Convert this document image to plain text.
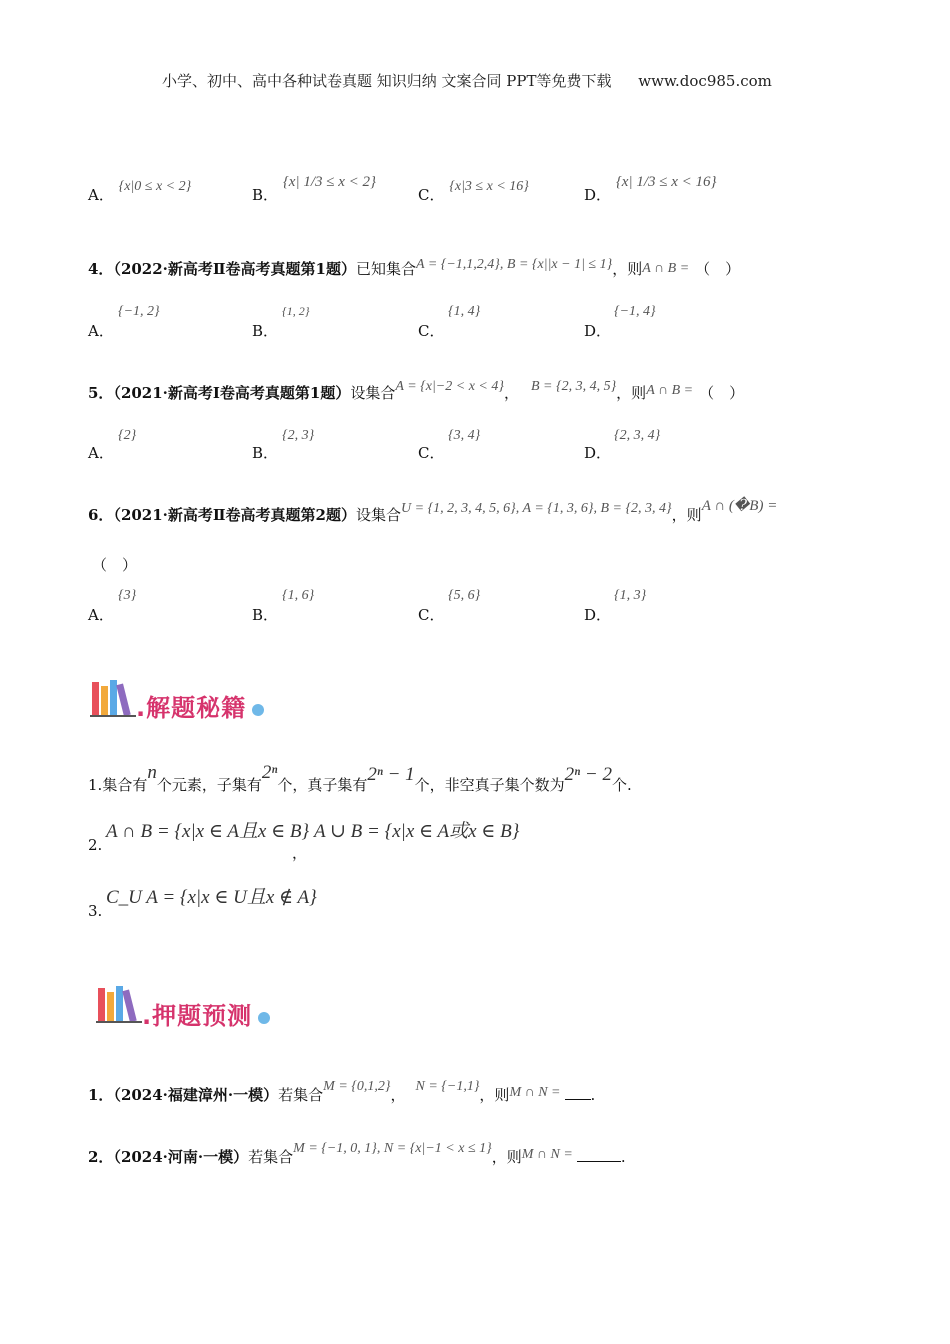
小学、初中、高中各种试卷真题 知识归纳 文案合同 PPT等免费下载 www.doc985.com
A． {x|0 ≤ x < 2}	B． {x| 1/3 ≤ x < 2}
C． {x|3 ≤ x < 16}	D． {x| 1/3 ≤ x < 16}
4．（2022·新高考Ⅱ卷高考真题第1题）已知集合A = {−1,1,2,4}, B = {x||x − 1| ≤ 1}，则A ∩ B = （　）
A．
{−1, 2}
B．
{1, 2}
C．
{1, 4}
D．
{−1, 4}
5．（2021·新高考Ⅰ卷高考真题第1题）设集合A = {x|−2 < x < 4}， B = {2, 3, 4, 5}，则A ∩ B = （　）
A．
{2}
B．
{2, 3}
C．
{3, 4}
D．
{2, 3, 4}
6．（2021·新高考Ⅱ卷高考真题第2题）设集合U = {1, 2, 3, 4, 5, 6}, A = {1, 3, 6}, B = {2, 3, 4}，则A ∩ (�B) =
（　）
A．
{3}
B．
{1, 6}
C．
{5, 6}
D．
{1, 3}
.解题秘籍
1.集合有n个元素，子集有2ⁿ个，真子集有2ⁿ − 1个，非空真子集个数为2ⁿ − 2个.
2.
A ∩ B = {x|x ∈ A且x ∈ B}
，
A ∪ B = {x|x ∈ A或x ∈ B}
3.
C_U A = {x|x ∈ U且x ∉ A}
.押题预测
1．（2024·福建漳州·一模）若集合M = {0,1,2}， N = {−1,1}，则M ∩ N = .
2．（2024·河南·一模）若集合M = {−1, 0, 1}, N = {x|−1 < x ≤ 1}，则M ∩ N =	.
